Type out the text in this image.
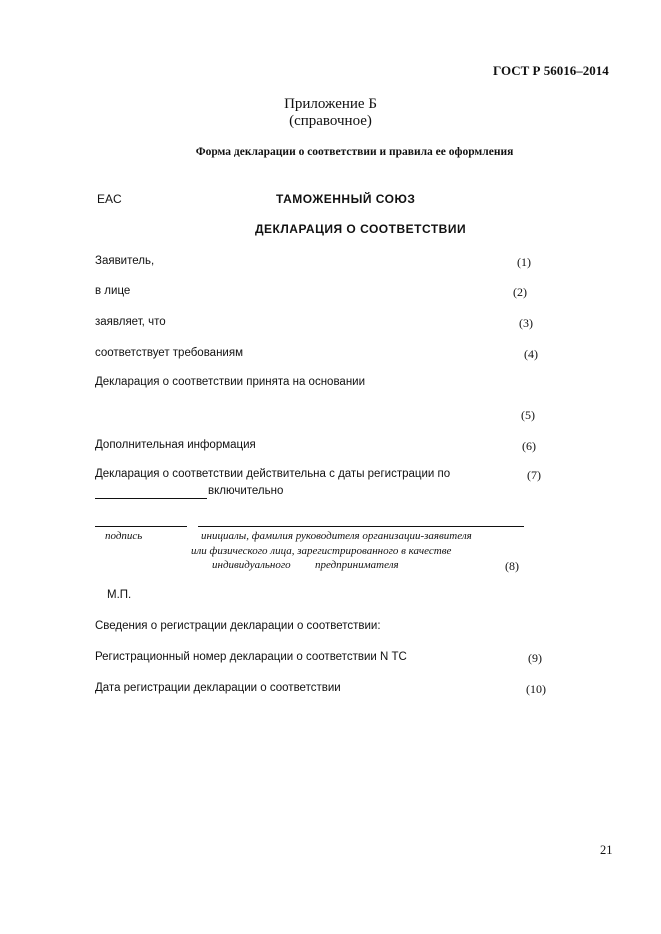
ГОСТ Р 56016–2014
Приложение Б
(справочное)
Форма декларации о соответствии и правила ее оформления
EAC	ТАМОЖЕННЫЙ СОЮЗ
ДЕКЛАРАЦИЯ О СООТВЕТСТВИИ
Заявитель,	(1)
в лице	(2)
заявляет, что	(3)
соответствует требованиям	(4)
Декларация о соответствии принята на основании
(5)
Дополнительная информация	(6)
Декларация о соответствии действительна с даты регистрации по	(7)
включительно
подпись	инициалы, фамилия руководителя организации-заявителя
или физического лица, зарегистрированного в качестве
индивидуального предпринимателя	(8)
М.П.
Сведения о регистрации декларации о соответствии:
Регистрационный номер декларации о соответствии N ТС	(9)
Дата регистрации декларации о соответствии	(10)
21
